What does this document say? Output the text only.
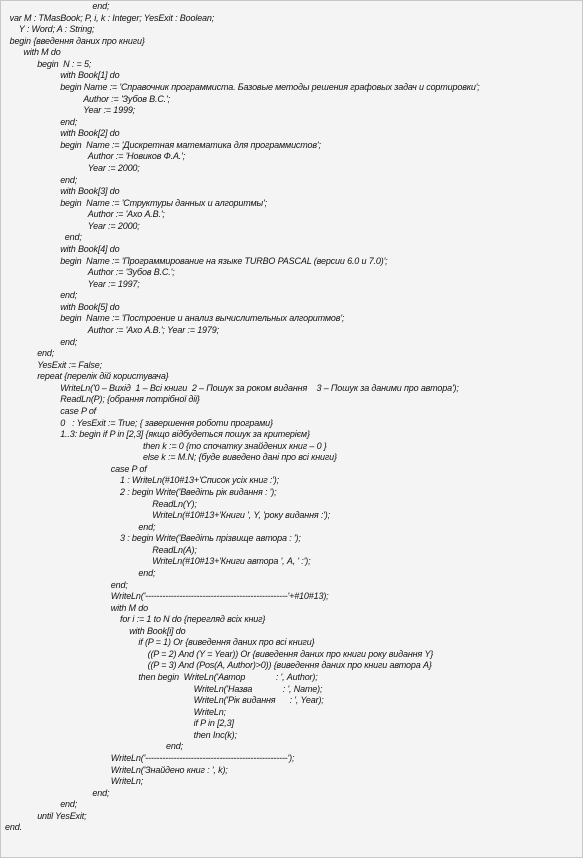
end;
var M : TMasBook; P, i, k : Integer; YesExit : Boolean;
Y : Word; A : String;
begin {введення даних про книги}
with M do
begin  N : = 5;
with Book[1] do
begin Name := 'Справочник программиста. Базовые методы решения графовых задач и сортировки';
Author := 'Зубов В.С.';
Year := 1999;
end;
with Book[2] do
begin  Name := 'Дискретная математика для программистов';
Author := 'Новиков Ф.А.';
Year := 2000;
end;
with Book[3] do
begin  Name := 'Структуры данных и алгоритмы';
Author := 'Ахо А.В.';
Year := 2000;
end;
with Book[4] do
begin  Name := 'Программирование на языке TURBO PASCAL (версии 6.0 и 7.0)';
Author := 'Зубов В.С.';
Year := 1997;
end;
with Book[5] do
begin  Name := 'Построение и анализ вычислительных алгоритмов';
Author := 'Ахо А.В.'; Year := 1979;
end;
end;
YesExit := False;
repeat {перелік дій користувача}
WriteLn('0 – Вихід  1 – Всі книги  2 – Пошук за роком видання    3 – Пошук за даними про автора');
ReadLn(P); {обрання потрібної дії}
case P of
0   : YesExit := True; { завершення роботи програми}
1..3: begin if P in [2,3] {якщо відбудеться пошук за критерієм}
then k := 0 {то спочатку знайдених книг – 0 }
else k := M.N; {буде виведено дані про всі книги}
case P of
1 : WriteLn(#10#13+'Список усіх книг :');
2 : begin Write('Введіть рік видання : ');
ReadLn(Y);
WriteLn(#10#13+'Книги ', Y, 'року видання :');
end;
3 : begin Write('Введіть прізвище автора : ');
ReadLn(A);
WriteLn(#10#13+'Книги автора ', A, ' :');
end;
end;
WriteLn('--------------------------------------------------'+#10#13);
with M do
for i := 1 to N do {перегляд всіх книг}
with Book[i] do
if (P = 1) Or {виведення даних про всі книги}
((P = 2) And (Y = Year)) Or {виведення даних про книги року видання Y}
((P = 3) And (Pos(A, Author)>0)) {виведення даних про книги автора A}
then begin  WriteLn('Автор             : ', Author);
WriteLn('Назва             : ', Name);
WriteLn('Рік видання      : ', Year);
WriteLn;
if P in [2,3]
then Inc(k);
end;
WriteLn('--------------------------------------------------');
WriteLn('Знайдено книг : ', k);
WriteLn;
end;
end;
until YesExit;
end.
